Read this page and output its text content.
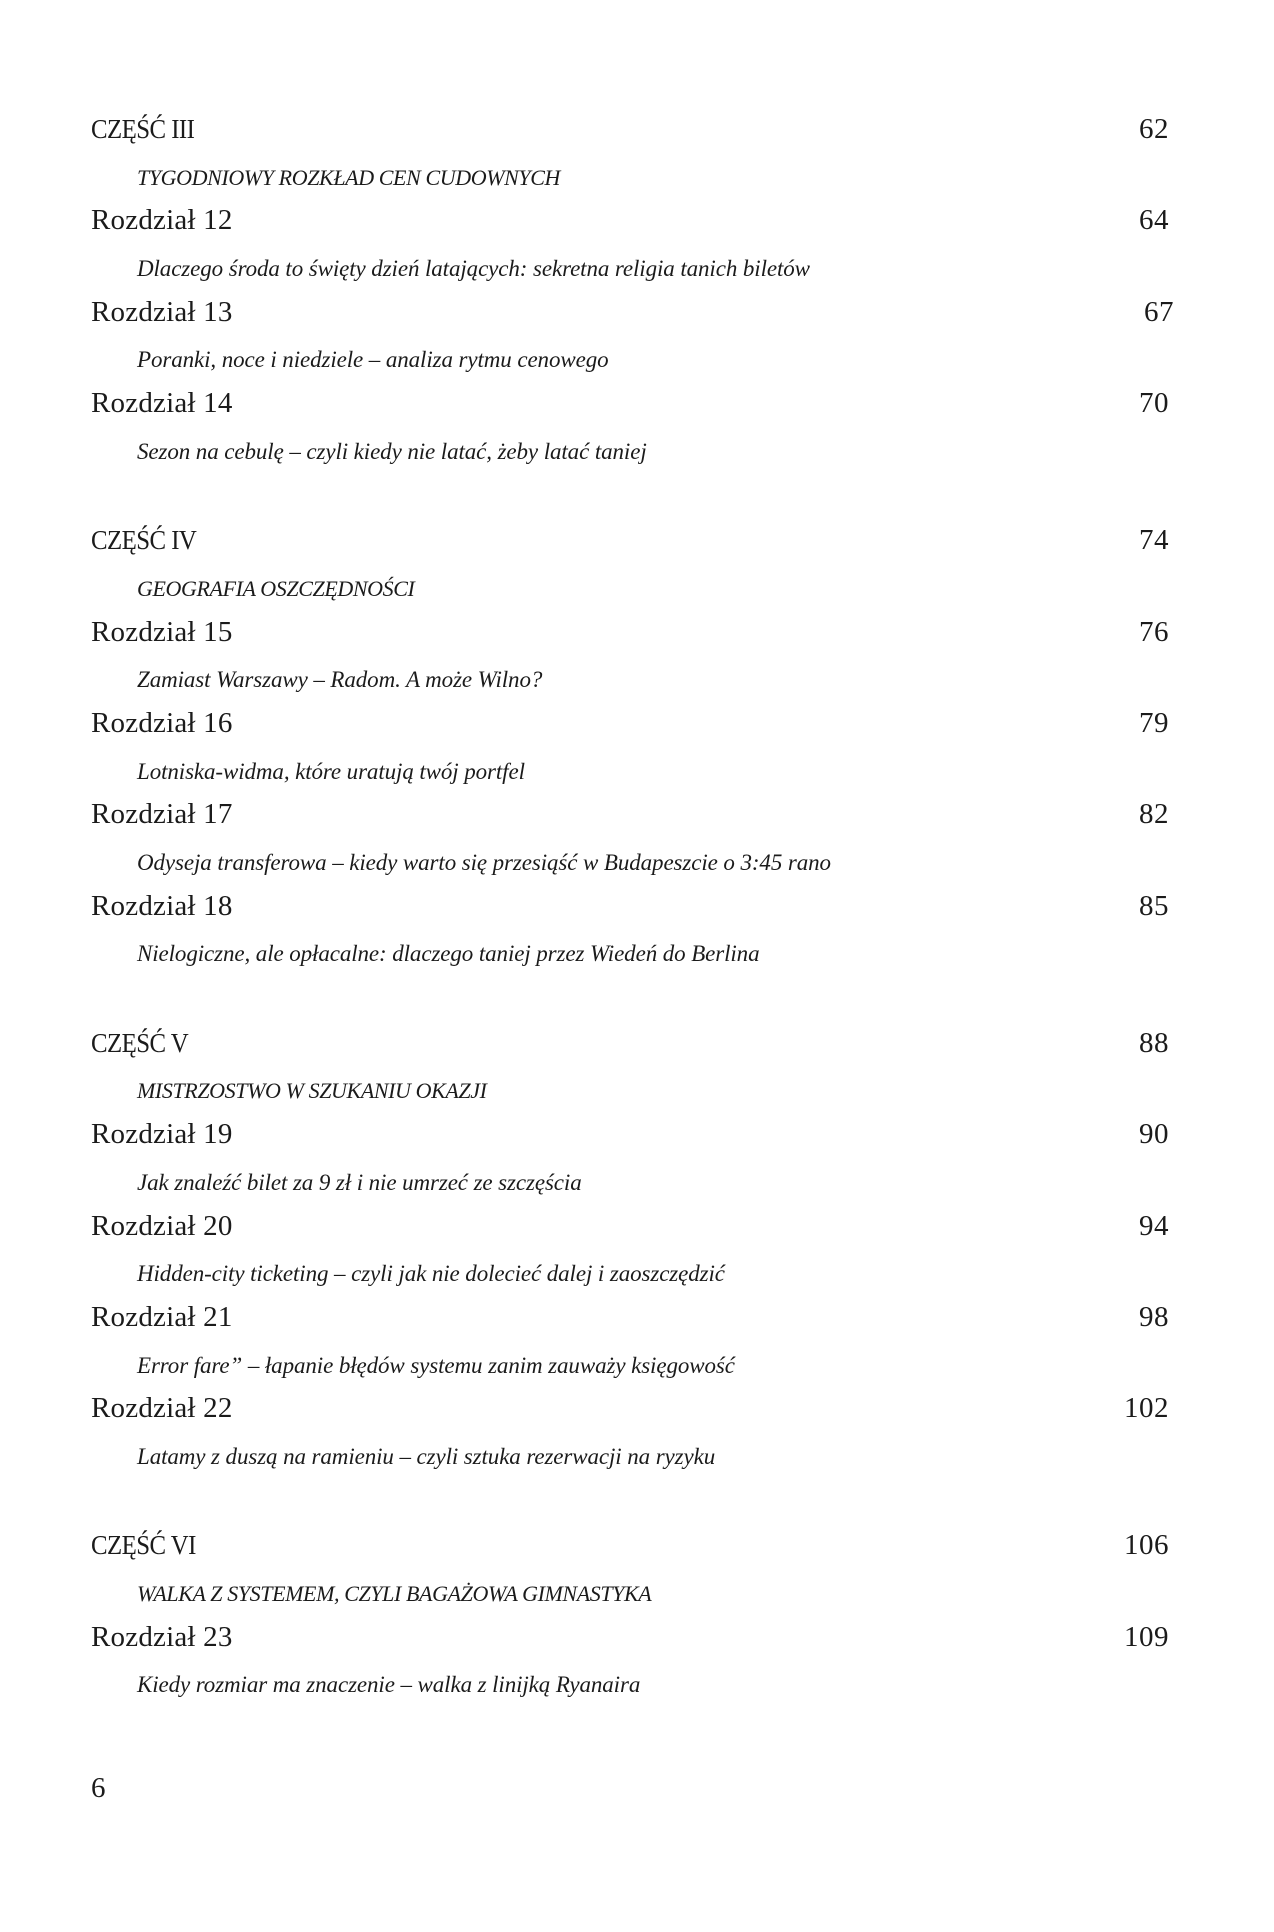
CZĘŚĆ III	62
TYGODNIOWY ROZKŁAD CEN CUDOWNYCH
Rozdział 12	64
Dlaczego środa to święty dzień latających: sekretna religia tanich biletów
Rozdział 13	67
Poranki, noce i niedziele – analiza rytmu cenowego
Rozdział 14	70
Sezon na cebulę – czyli kiedy nie latać, żeby latać taniej
CZĘŚĆ IV	74
GEOGRAFIA OSZCZĘDNOŚCI
Rozdział 15	76
Zamiast Warszawy – Radom. A może Wilno?
Rozdział 16	79
Lotniska-widma, które uratują twój portfel
Rozdział 17	82
Odyseja transferowa – kiedy warto się przesiąść w Budapeszcie o 3:45 rano
Rozdział 18	85
Nielogiczne, ale opłacalne: dlaczego taniej przez Wiedeń do Berlina
CZĘŚĆ V	88
MISTRZOSTWO W SZUKANIU OKAZJI
Rozdział 19	90
Jak znaleźć bilet za 9 zł i nie umrzeć ze szczęścia
Rozdział 20	94
Hidden-city ticketing – czyli jak nie dolecieć dalej i zaoszczędzić
Rozdział 21	98
Error fare” – łapanie błędów systemu zanim zauważy księgowość
Rozdział 22	102
Latamy z duszą na ramieniu – czyli sztuka rezerwacji na ryzyku
CZĘŚĆ VI	106
WALKA Z SYSTEMEM, CZYLI BAGAŻOWA GIMNASTYKA
Rozdział 23	109
Kiedy rozmiar ma znaczenie – walka z linijką Ryanaira
6
